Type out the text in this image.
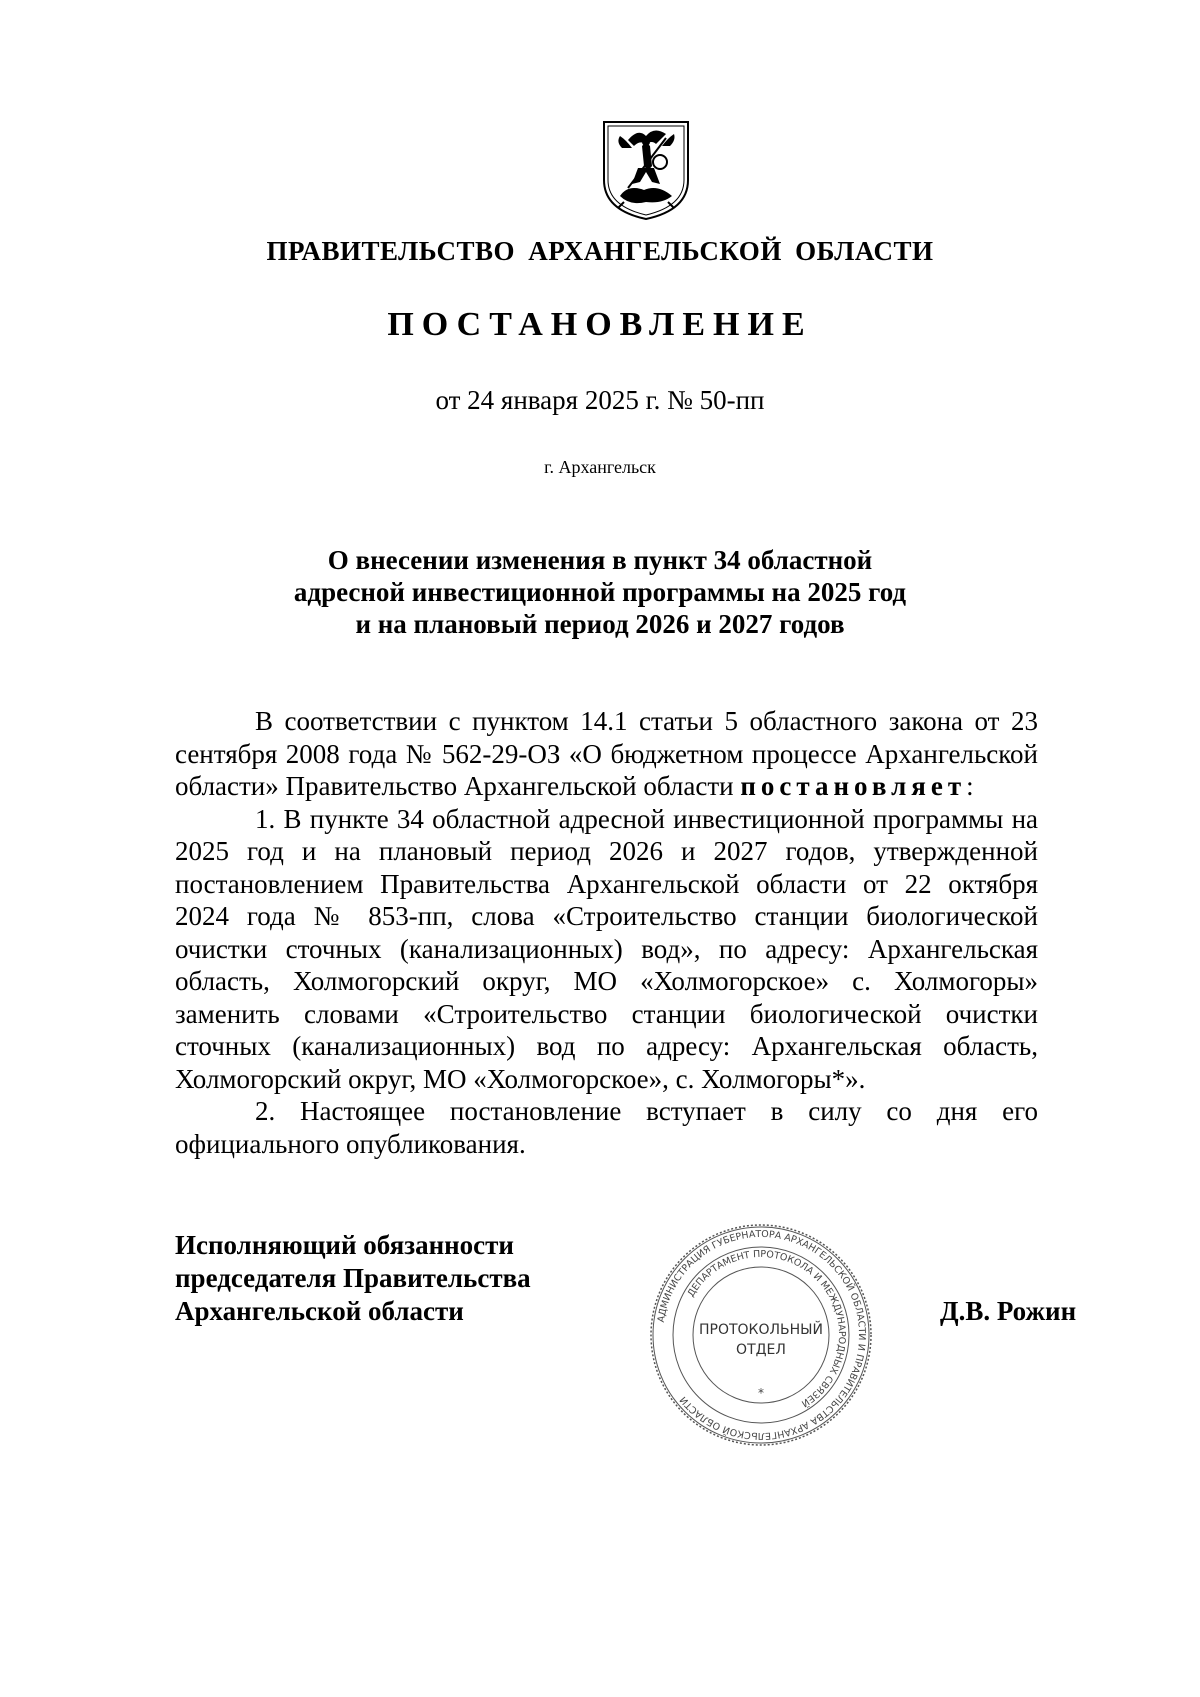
ПРАВИТЕЛЬСТВО АРХАНГЕЛЬСКОЙ ОБЛАСТИ
ПОСТАНОВЛЕНИЕ
от 24 января 2025 г. № 50-пп
г. Архангельск
О внесении изменения в пункт 34 областной
адресной инвестиционной программы на 2025 год
и на плановый период 2026 и 2027 годов

В соответствии с пунктом 14.1 статьи 5 областного закона от 23 сентября 2008 года № 562-29-ОЗ «О бюджетном процессе Архангельской области» Правительство Архангельской области постановляет:

1. В пункте 34 областной адресной инвестиционной программы на 2025 год и на плановый период 2026 и 2027 годов, утвержденной постановлением Правительства Архангельской области от 22 октября 2024 года № 853-пп, слова «Строительство станции биологической очистки сточных (канализационных) вод», по адресу: Архангельская область, Холмогорский округ, МО «Холмогорское» с. Холмогоры» заменить словами «Строительство станции биологической очистки сточных (канализационных) вод по адресу: Архангельская область, Холмогорский округ, МО «Холмогорское», с. Холмогоры*».

2. Настоящее постановление вступает в силу со дня его официального опубликования.

Исполняющий обязанности
председателя Правительства
Архангельской области	АДМИНИСТРАЦИЯ ГУБЕРНАТОРА АРХАНГЕЛЬСКОЙ ОБЛАСТИ И ПРАВИТЕЛЬСТВА АРХАНГЕЛЬСКОЙ ОБЛАСТИ
ДЕПАРТАМЕНТ ПРОТОКОЛА И МЕЖДУНАРОДНЫХ СВЯЗЕЙ
ПРОТОКОЛЬНЫЙ
ОТДЕЛ
*
Д.В. Рожин
